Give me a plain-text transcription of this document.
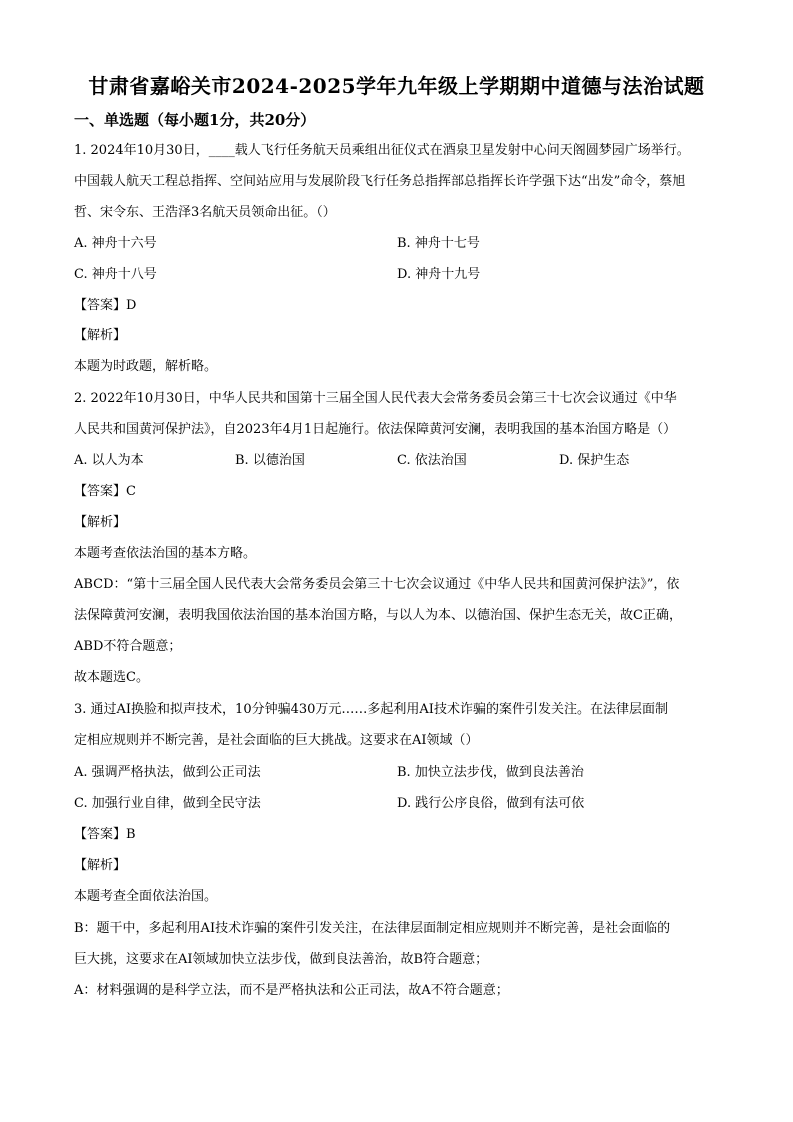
甘肃省嘉峪关市2024-2025学年九年级上学期期中道德与法治试题
一、单选题（每小题1分，共20分）
1. 2024年10月30日，____载人飞行任务航天员乘组出征仪式在酒泉卫星发射中心问天阁圆梦园广场举行。
中国载人航天工程总指挥、空间站应用与发展阶段飞行任务总指挥部总指挥长许学强下达“出发”命令，蔡旭
哲、宋令东、王浩泽3名航天员领命出征。（）
A. 神舟十六号	B. 神舟十七号
C. 神舟十八号	D. 神舟十九号
【答案】D
【解析】
本题为时政题，解析略。
2. 2022年10月30日，中华人民共和国第十三届全国人民代表大会常务委员会第三十七次会议通过《中华
人民共和国黄河保护法》，自2023年4月1日起施行。依法保障黄河安澜，表明我国的基本治国方略是（）
A. 以人为本	B. 以德治国	C. 依法治国	D. 保护生态
【答案】C
【解析】
本题考查依法治国的基本方略。
ABCD：“第十三届全国人民代表大会常务委员会第三十七次会议通过《中华人民共和国黄河保护法》”，依
法保障黄河安澜，表明我国依法治国的基本治国方略，与以人为本、以德治国、保护生态无关，故C正确，
ABD不符合题意；
故本题选C。
3. 通过AI换脸和拟声技术，10分钟骗430万元……多起利用AI技术诈骗的案件引发关注。在法律层面制
定相应规则并不断完善，是社会面临的巨大挑战。这要求在AI领域（）
A. 强调严格执法，做到公正司法	B. 加快立法步伐，做到良法善治
C. 加强行业自律，做到全民守法	D. 践行公序良俗，做到有法可依
【答案】B
【解析】
本题考查全面依法治国。
B：题干中，多起利用AI技术诈骗的案件引发关注，在法律层面制定相应规则并不断完善，是社会面临的
巨大挑，这要求在AI领域加快立法步伐，做到良法善治，故B符合题意；
A：材料强调的是科学立法，而不是严格执法和公正司法，故A不符合题意；
